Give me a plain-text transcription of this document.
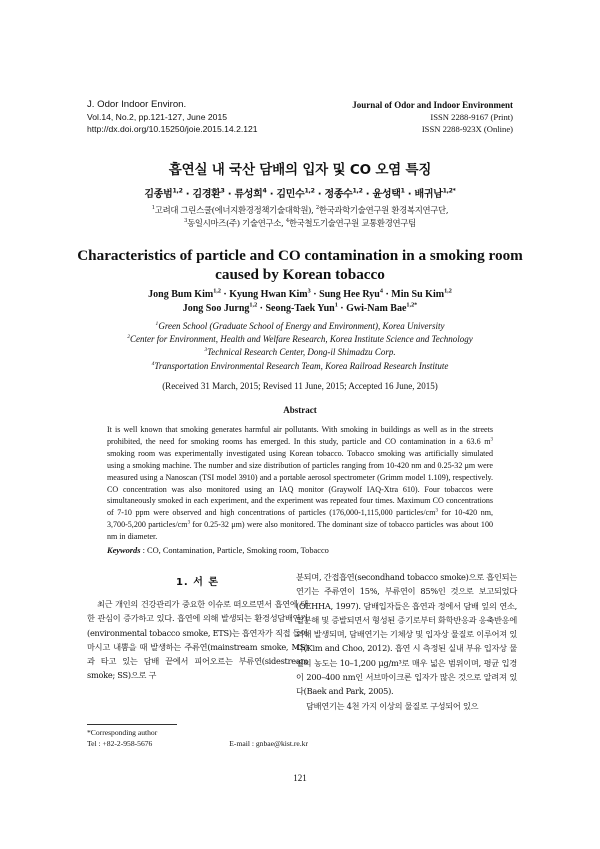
J. Odor Indoor Environ.
Vol.14, No.2, pp.121-127, June 2015
http://dx.doi.org/10.15250/joie.2015.14.2.121
Journal of Odor and Indoor Environment
ISSN 2288-9167 (Print)
ISSN 2288-923X (Online)
흡연실 내 국산 담배의 입자 및 CO 오염 특징
김종범$^{1,2}$ · 김경환$^3$ · 류성희$^4$ · 김민수$^{1,2}$ · 정종수$^{1,2}$ · 윤성택$^1$ · 배귀남$^{1,2*}$
$^1$고려대 그린스쿨(에너지환경정책기술대학원), $^2$한국과학기술연구원 환경복지연구단,
$^3$동일시마즈(주) 기술연구소, $^4$한국철도기술연구원 교통환경연구팀
Characteristics of particle and CO contamination in a smoking room caused by Korean tobacco
Jong Bum Kim$^{1,2}$ · Kyung Hwan Kim$^3$ · Sung Hee Ryu$^4$ · Min Su Kim$^{1,2}$
Jong Soo Jurng$^{1,2}$ · Seong-Taek Yun$^1$ · Gwi-Nam Bae$^{1,2*}$
$^1$Green School (Graduate School of Energy and Environment), Korea University
$^2$Center for Environment, Health and Welfare Research, Korea Institute Science and Technology
$^3$Technical Research Center, Dong-il Shimadzu Corp.
$^4$Transportation Environmental Research Team, Korea Railroad Research Institute
(Received 31 March, 2015; Revised 11 June, 2015; Accepted 16 June, 2015)
Abstract
It is well known that smoking generates harmful air pollutants. With smoking in buildings as well as in the streets prohibited, the need for smoking rooms has emerged. In this study, particle and CO contamination in a 63.6 $m^3$ smoking room was experimentally investigated using Korean tobacco. Tobacco smoking was artificially simulated using a smoking machine. The number and size distribution of particles ranging from 10-420 nm and 0.25-32 μm were measured using a Nanoscan (TSI model 3910) and a portable aerosol spectrometer (Grimm model 1.109), respectively. CO concentration was also monitored using an IAQ monitor (Graywolf IAQ-Xtra 610). Four tobaccos were simultaneously smoked in each experiment, and the experiment was repeated four times. Maximum CO concentrations of 7-10 ppm were observed and high concentrations of particles (176,000-1,115,000 particles/$cm^3$ for 10-420 nm, 3,700-5,200 particles/$cm^3$ for 0.25-32 μm) were also monitored. The dominant size of tobacco particles was about 100 nm in diameter.
Keywords : CO, Contamination, Particle, Smoking room, Tobacco
1. 서 론

최근 개인의 건강관리가 중요한 이슈로 떠오르면서 흡연에 대한 관심이 증가하고 있다. 흡연에 의해 발생되는 환경성담배연기(environmental tobacco smoke, ETS)는 흡연자가 직접 들이마시고 내뿜을 때 발생하는 주류연(mainstream smoke, MS)과 타고 있는 담배 끝에서 피어오르는 부류연(sidestream smoke; SS)으로 구

분되며, 간접흡연(secondhand tobacco smoke)으로 흡인되는 연기는 주류연이 15%, 부류연이 85%인 것으로 보고되었다(OEHHA, 1997). 담배입자들은 흡연과 정에서 담배 잎의 연소, 열분해 및 증발되면서 형성된 증기로부터 화학반응과 응축반응에 의해 발생되며, 담배연기는 기체상 및 입자상 물질로 이루어져 있다(Kim and Choo, 2012). 흡연 시 측정된 실내 부유 입자상 물질의 농도는 10–1,200 μg/m³로 매우 넓은 범위이며, 평균 입경이 200–400 nm인 서브마이크론 입자가 많은 것으로 알려져 있다(Baek and Park, 2005).

담배연기는 4천 가지 이상의 물질로 구성되어 있으

*Corresponding author
Tel : +82-2-958-5676	E-mail : gnbae@kist.re.kr
121
